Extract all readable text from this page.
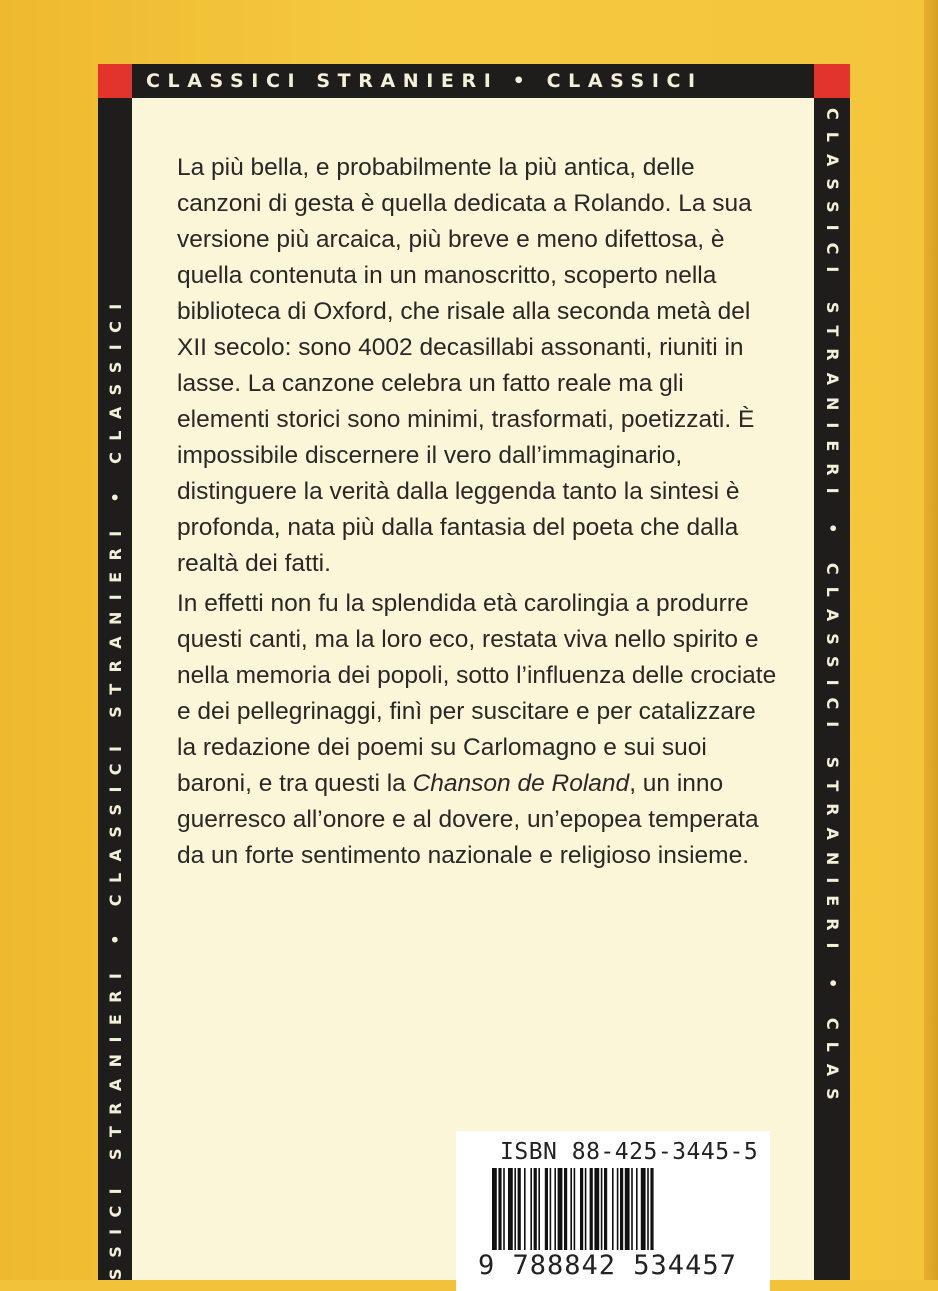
CLASSICI STRANIERI • CLASSICI
SSICI STRANIERI • CLASSICI STRANIERI • CLASSICI	CLASSICI STRANIERI • CLASSICI STRANIERI • CLAS

La più bella, e probabilmente la più antica, delle canzoni di gesta è quella dedicata a Rolando. La sua versione più arcaica, più breve e meno difettosa, è quella contenuta in un manoscritto, scoperto nella biblioteca di Oxford, che risale alla seconda metà del XII secolo: sono 4002 decasillabi assonanti, riuniti in lasse. La canzone celebra un fatto reale ma gli elementi storici sono minimi, trasformati, poetizzati. È impossibile discernere il vero dall’immaginario, distinguere la verità dalla leggenda tanto la sintesi è profonda, nata più dalla fantasia del poeta che dalla realtà dei fatti.

In effetti non fu la splendida età carolingia a produrre questi canti, ma la loro eco, restata viva nello spirito e nella memoria dei popoli, sotto l’influenza delle crociate e dei pellegrinaggi, finì per suscitare e per catalizzare la redazione dei poemi su Carlomagno e sui suoi baroni, e tra questi la Chanson de Roland, un inno guerresco all’onore e al dovere, un’epopea temperata da un forte sentimento nazionale e religioso insieme.

ISBN 88-425-3445-5
9 788842 534457
